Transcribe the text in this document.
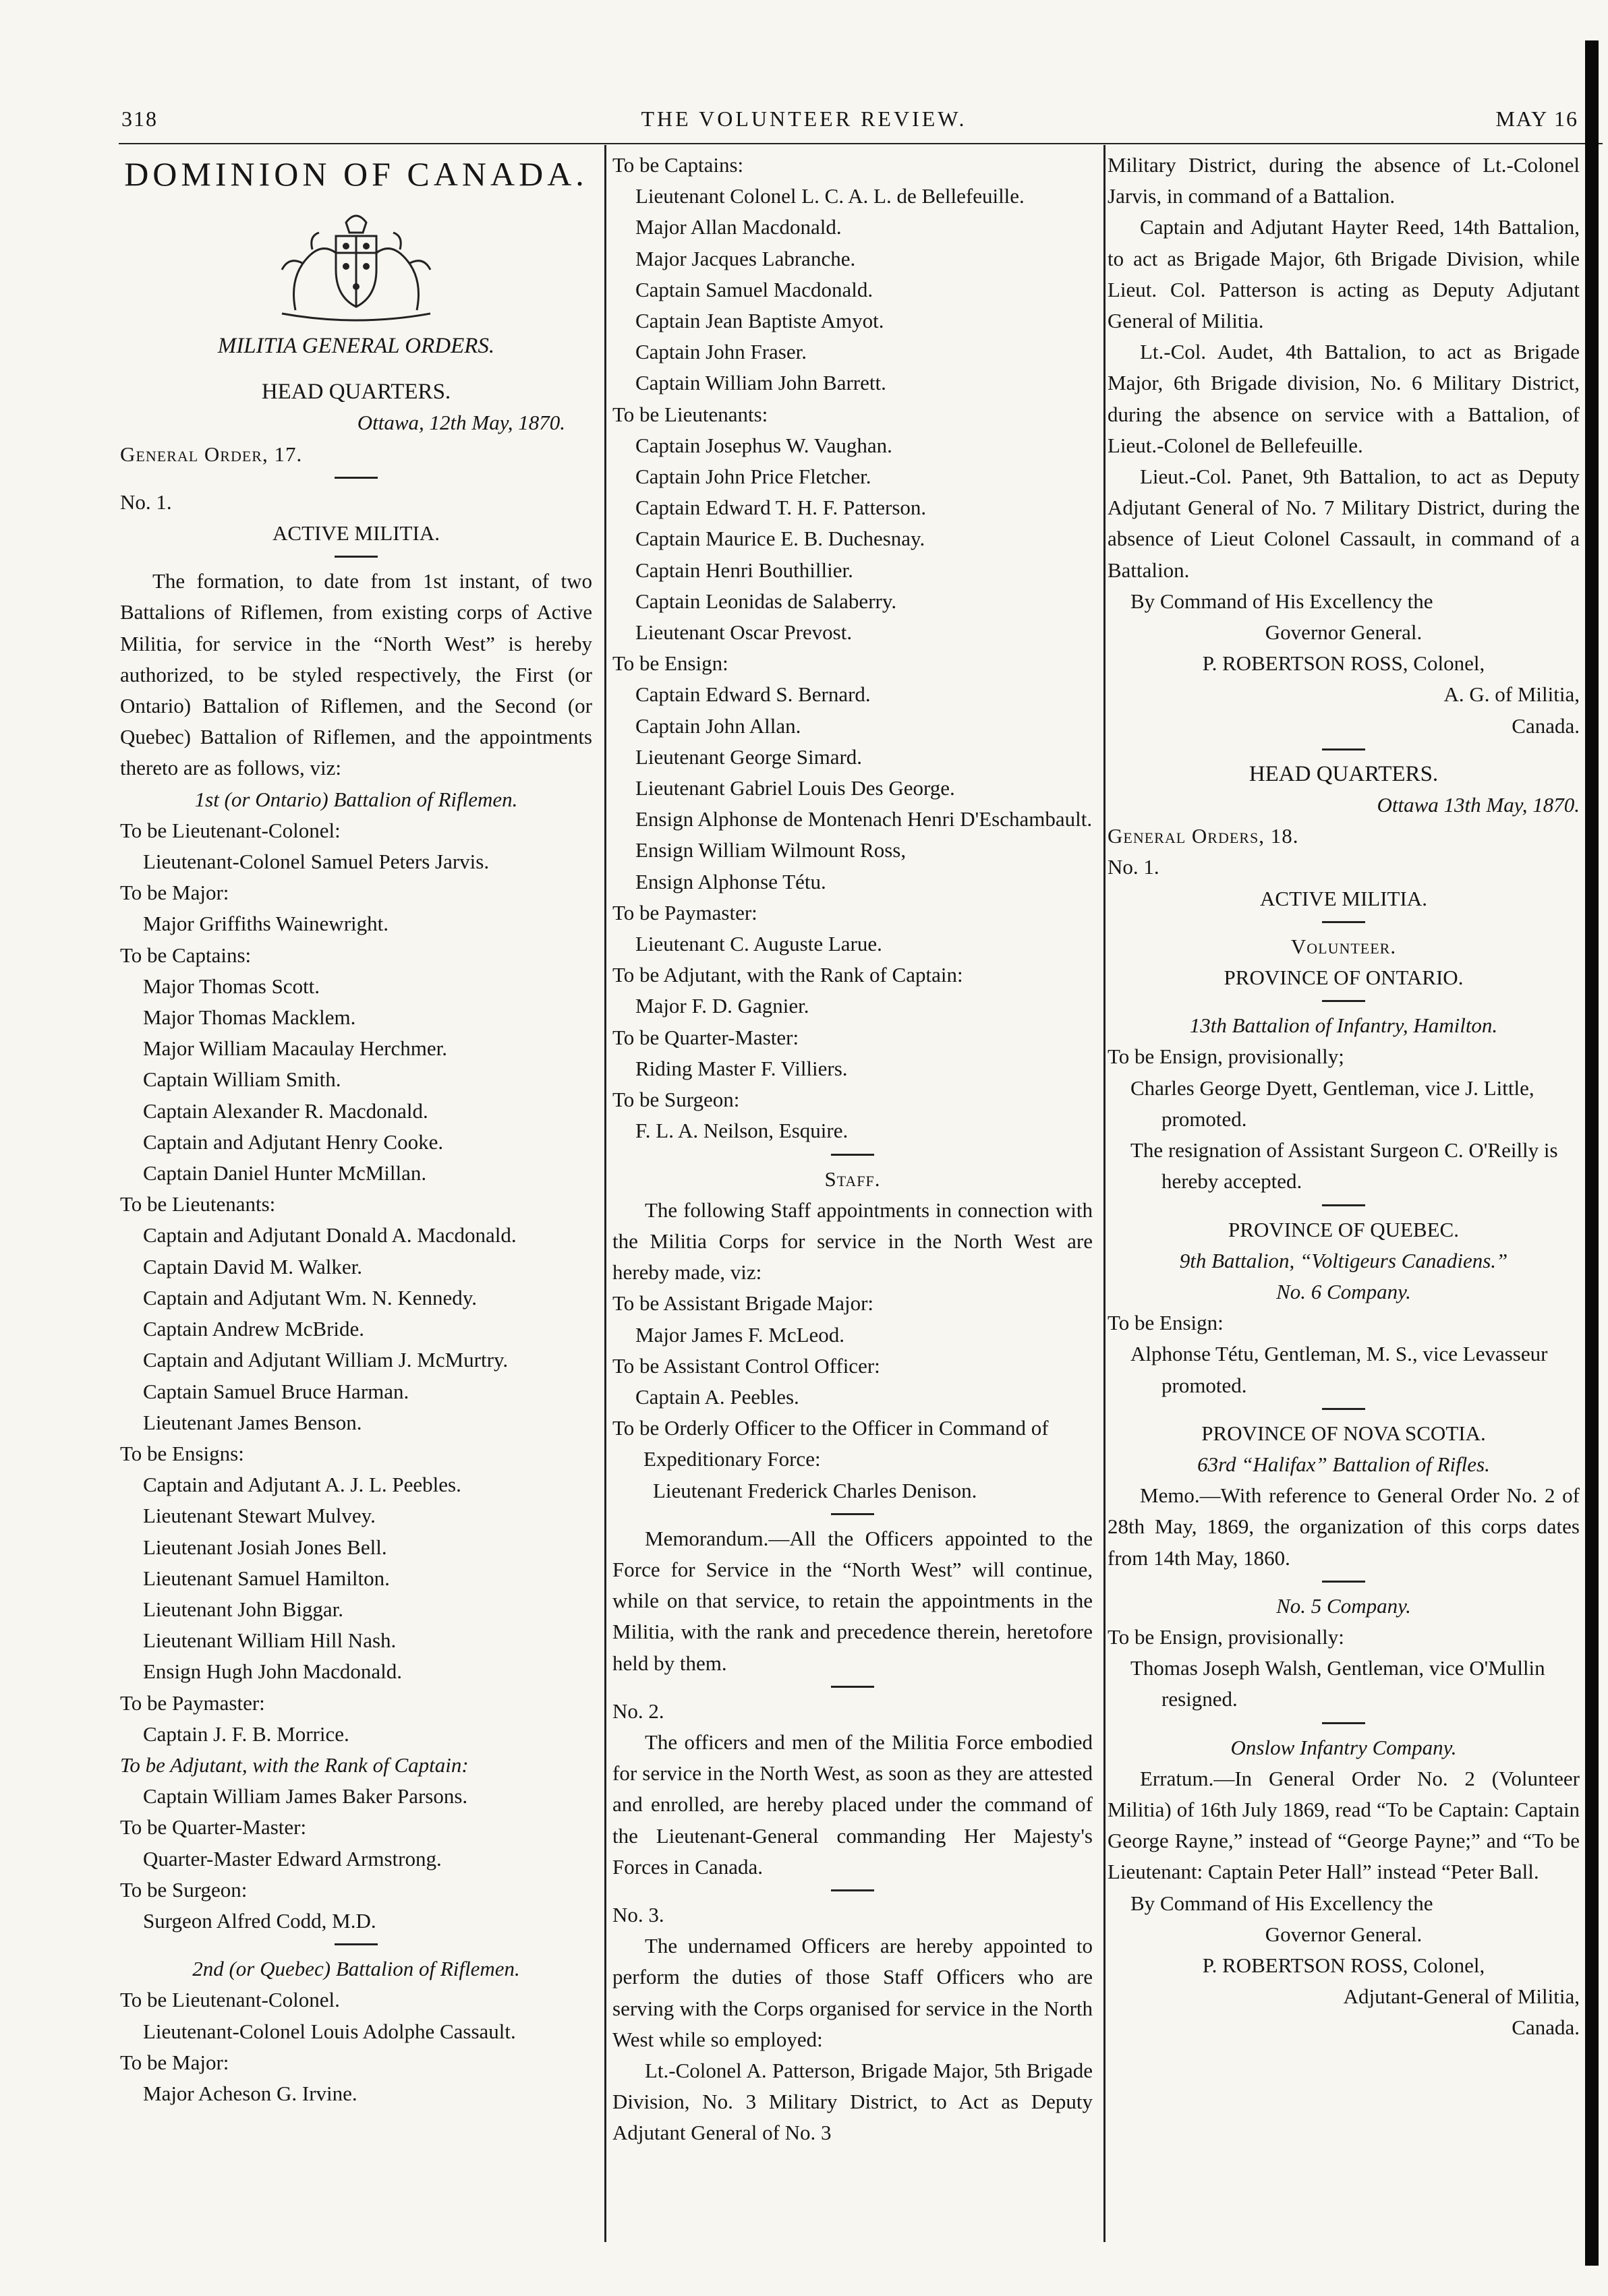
318	THE VOLUNTEER REVIEW.	MAY 16

DOMINION OF CANADA.

MILITIA GENERAL ORDERS.

HEAD QUARTERS.

Ottawa, 12th May, 1870.

General Order, 17.

No. 1.

ACTIVE MILITIA.

The formation, to date from 1st instant, of two Battalions of Riflemen, from existing corps of Active Militia, for service in the “North West” is hereby authorized, to be styled respectively, the First (or Ontario) Battalion of Riflemen, and the Second (or Quebec) Battalion of Riflemen, and the appointments thereto are as follows, viz:

1st (or Ontario) Battalion of Riflemen.

To be Lieutenant-Colonel:

Lieutenant-Colonel Samuel Peters Jarvis.

To be Major:

Major Griffiths Wainewright.

To be Captains:

Major Thomas Scott.

Major Thomas Macklem.

Major William Macaulay Herchmer.

Captain William Smith.

Captain Alexander R. Macdonald.

Captain and Adjutant Henry Cooke.

Captain Daniel Hunter McMillan.

To be Lieutenants:

Captain and Adjutant Donald A. Macdonald.

Captain David M. Walker.

Captain and Adjutant Wm. N. Kennedy.

Captain Andrew McBride.

Captain and Adjutant William J. McMurtry.

Captain Samuel Bruce Harman.

Lieutenant James Benson.

To be Ensigns:

Captain and Adjutant A. J. L. Peebles.

Lieutenant Stewart Mulvey.

Lieutenant Josiah Jones Bell.

Lieutenant Samuel Hamilton.

Lieutenant John Biggar.

Lieutenant William Hill Nash.

Ensign Hugh John Macdonald.

To be Paymaster:

Captain J. F. B. Morrice.

To be Adjutant, with the Rank of Captain:

Captain William James Baker Parsons.

To be Quarter-Master:

Quarter-Master Edward Armstrong.

To be Surgeon:

Surgeon Alfred Codd, M.D.

2nd (or Quebec) Battalion of Riflemen.

To be Lieutenant-Colonel.

Lieutenant-Colonel Louis Adolphe Cassault.

To be Major:

Major Acheson G. Irvine.

To be Captains:

Lieutenant Colonel L. C. A. L. de Bellefeuille.

Major Allan Macdonald.

Major Jacques Labranche.

Captain Samuel Macdonald.

Captain Jean Baptiste Amyot.

Captain John Fraser.

Captain William John Barrett.

To be Lieutenants:

Captain Josephus W. Vaughan.

Captain John Price Fletcher.

Captain Edward T. H. F. Patterson.

Captain Maurice E. B. Duchesnay.

Captain Henri Bouthillier.

Captain Leonidas de Salaberry.

Lieutenant Oscar Prevost.

To be Ensign:

Captain Edward S. Bernard.

Captain John Allan.

Lieutenant George Simard.

Lieutenant Gabriel Louis Des George.

Ensign Alphonse de Montenach Henri D'Eschambault.

Ensign William Wilmount Ross,

Ensign Alphonse Tétu.

To be Paymaster:

Lieutenant C. Auguste Larue.

To be Adjutant, with the Rank of Captain:

Major F. D. Gagnier.

To be Quarter-Master:

Riding Master F. Villiers.

To be Surgeon:

F. L. A. Neilson, Esquire.

Staff.

The following Staff appointments in connection with the Militia Corps for service in the North West are hereby made, viz:

To be Assistant Brigade Major:

Major James F. McLeod.

To be Assistant Control Officer:

Captain A. Peebles.

To be Orderly Officer to the Officer in Command of Expeditionary Force:

Lieutenant Frederick Charles Denison.

Memorandum.—All the Officers appointed to the Force for Service in the “North West” will continue, while on that service, to retain the appointments in the Militia, with the rank and precedence therein, heretofore held by them.

No. 2.

The officers and men of the Militia Force embodied for service in the North West, as soon as they are attested and enrolled, are hereby placed under the command of the Lieutenant-General commanding Her Majesty's Forces in Canada.

No. 3.

The undernamed Officers are hereby appointed to perform the duties of those Staff Officers who are serving with the Corps organised for service in the North West while so employed:

Lt.-Colonel A. Patterson, Brigade Major, 5th Brigade Division, No. 3 Military District, to Act as Deputy Adjutant General of No. 3

Military District, during the absence of Lt.-Colonel Jarvis, in command of a Battalion.

Captain and Adjutant Hayter Reed, 14th Battalion, to act as Brigade Major, 6th Brigade Division, while Lieut. Col. Patterson is acting as Deputy Adjutant General of Militia.

Lt.-Col. Audet, 4th Battalion, to act as Brigade Major, 6th Brigade division, No. 6 Military District, during the absence on service with a Battalion, of Lieut.-Colonel de Bellefeuille.

Lieut.-Col. Panet, 9th Battalion, to act as Deputy Adjutant General of No. 7 Military District, during the absence of Lieut Colonel Cassault, in command of a Battalion.

By Command of His Excellency the

Governor General.

P. ROBERTSON ROSS, Colonel,

A. G. of Militia,

Canada.

HEAD QUARTERS.

Ottawa 13th May, 1870.

General Orders, 18.

No. 1.

ACTIVE MILITIA.

Volunteer.

PROVINCE OF ONTARIO.

13th Battalion of Infantry, Hamilton.

To be Ensign, provisionally;

Charles George Dyett, Gentleman, vice J. Little, promoted.

The resignation of Assistant Surgeon C. O'Reilly is hereby accepted.

PROVINCE OF QUEBEC.

9th Battalion, “Voltigeurs Canadiens.”

No. 6 Company.

To be Ensign:

Alphonse Tétu, Gentleman, M. S., vice Levasseur promoted.

PROVINCE OF NOVA SCOTIA.

63rd “Halifax” Battalion of Rifles.

Memo.—With reference to General Order No. 2 of 28th May, 1869, the organization of this corps dates from 14th May, 1860.

No. 5 Company.

To be Ensign, provisionally:

Thomas Joseph Walsh, Gentleman, vice O'Mullin resigned.

Onslow Infantry Company.

Erratum.—In General Order No. 2 (Volunteer Militia) of 16th July 1869, read “To be Captain: Captain George Rayne,” instead of “George Payne;” and “To be Lieutenant: Captain Peter Hall” instead “Peter Ball.

By Command of His Excellency the

Governor General.

P. ROBERTSON ROSS, Colonel,

Adjutant-General of Militia,

Canada.
